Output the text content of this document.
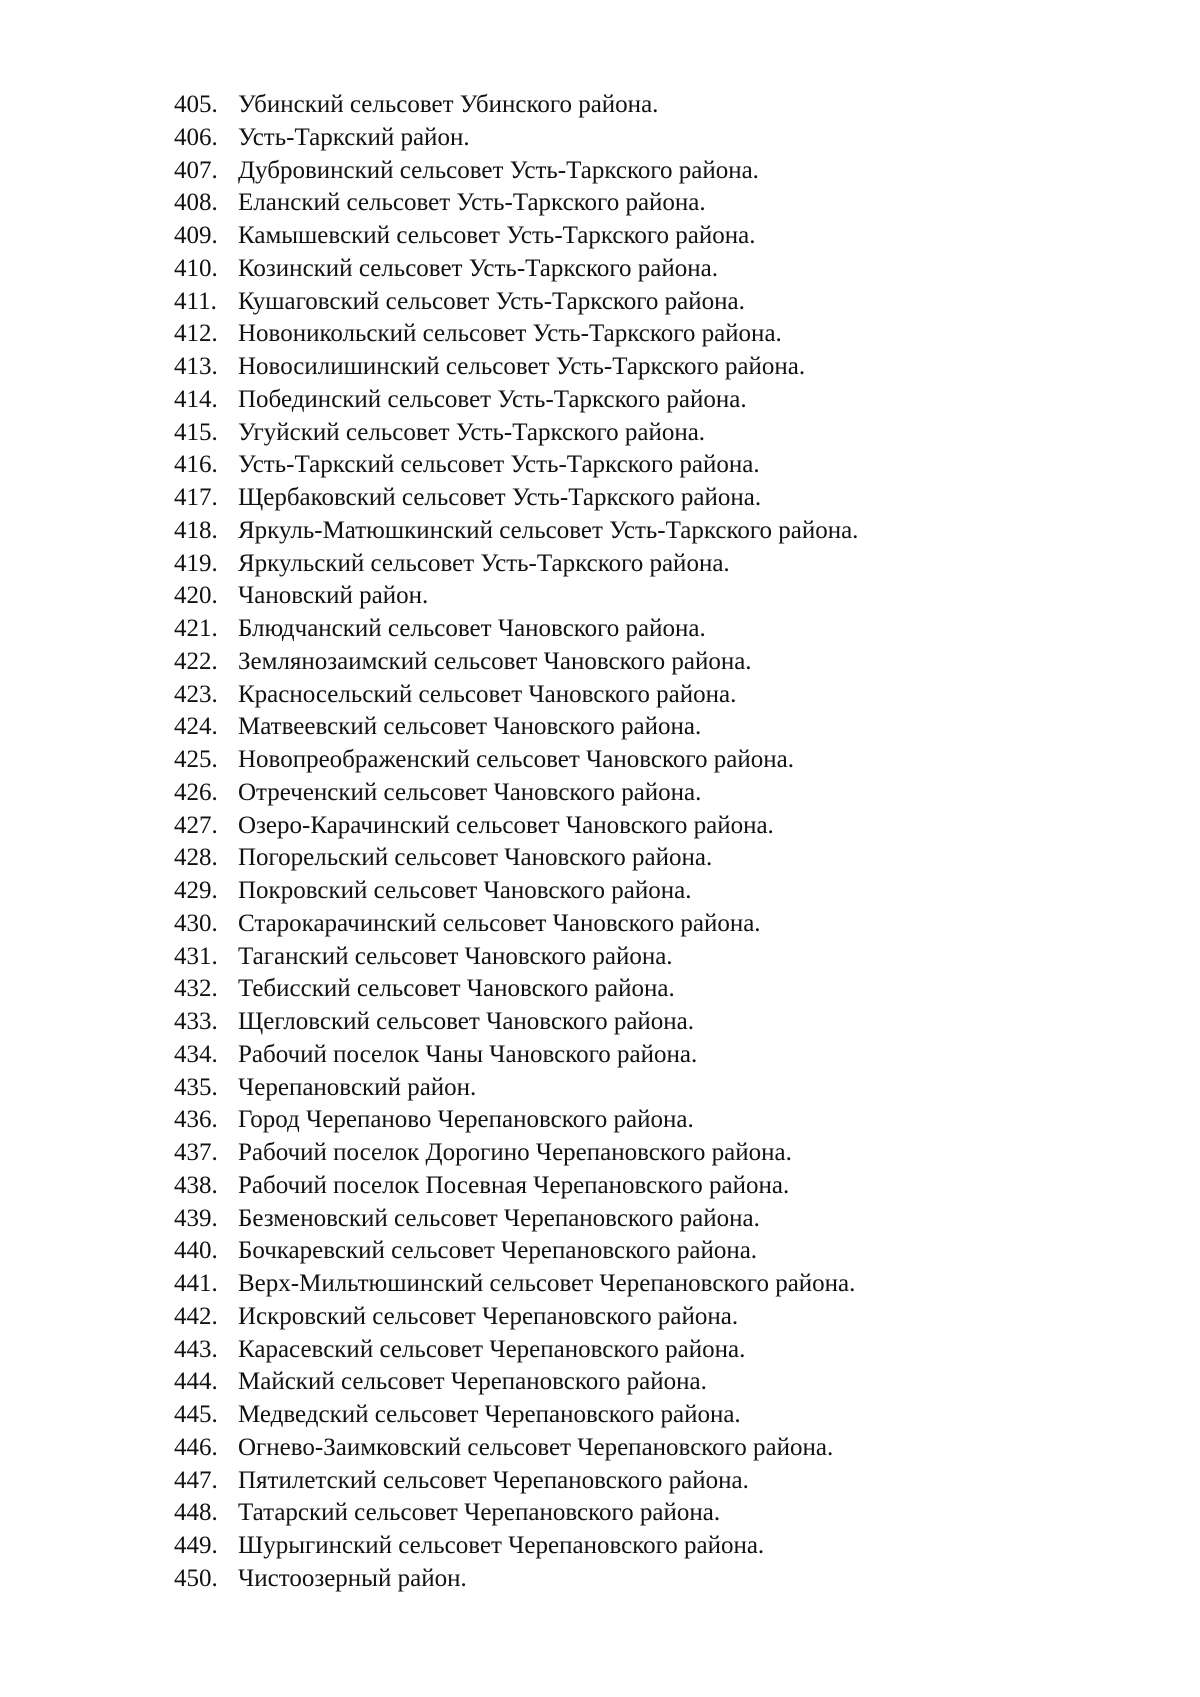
405. Убинский сельсовет Убинского района.
406. Усть-Таркский район.
407. Дубровинский сельсовет Усть-Таркского района.
408. Еланский сельсовет Усть-Таркского района.
409. Камышевский сельсовет Усть-Таркского района.
410. Козинский сельсовет Усть-Таркского района.
411. Кушаговский сельсовет Усть-Таркского района.
412. Новоникольский сельсовет Усть-Таркского района.
413. Новосилишинский сельсовет Усть-Таркского района.
414. Побединский сельсовет Усть-Таркского района.
415. Угуйский сельсовет Усть-Таркского района.
416. Усть-Таркский сельсовет Усть-Таркского района.
417. Щербаковский сельсовет Усть-Таркского района.
418. Яркуль-Матюшкинский сельсовет Усть-Таркского района.
419. Яркульский сельсовет Усть-Таркского района.
420. Чановский район.
421. Блюдчанский сельсовет Чановского района.
422. Землянозаимский сельсовет Чановского района.
423. Красносельский сельсовет Чановского района.
424. Матвеевский сельсовет Чановского района.
425. Новопреображенский сельсовет Чановского района.
426. Отреченский сельсовет Чановского района.
427. Озеро-Карачинский сельсовет Чановского района.
428. Погорельский сельсовет Чановского района.
429. Покровский сельсовет Чановского района.
430. Старокарачинский сельсовет Чановского района.
431. Таганский сельсовет Чановского района.
432. Тебисский сельсовет Чановского района.
433. Щегловский сельсовет Чановского района.
434. Рабочий поселок Чаны Чановского района.
435. Черепановский район.
436. Город Черепаново Черепановского района.
437. Рабочий поселок Дорогино Черепановского района.
438. Рабочий поселок Посевная Черепановского района.
439. Безменовский сельсовет Черепановского района.
440. Бочкаревский сельсовет Черепановского района.
441. Верх-Мильтюшинский сельсовет Черепановского района.
442. Искровский сельсовет Черепановского района.
443. Карасевский сельсовет Черепановского района.
444. Майский сельсовет Черепановского района.
445. Медведский сельсовет Черепановского района.
446. Огнево-Заимковский сельсовет Черепановского района.
447. Пятилетский сельсовет Черепановского района.
448. Татарский сельсовет Черепановского района.
449. Шурыгинский сельсовет Черепановского района.
450. Чистоозерный район.
